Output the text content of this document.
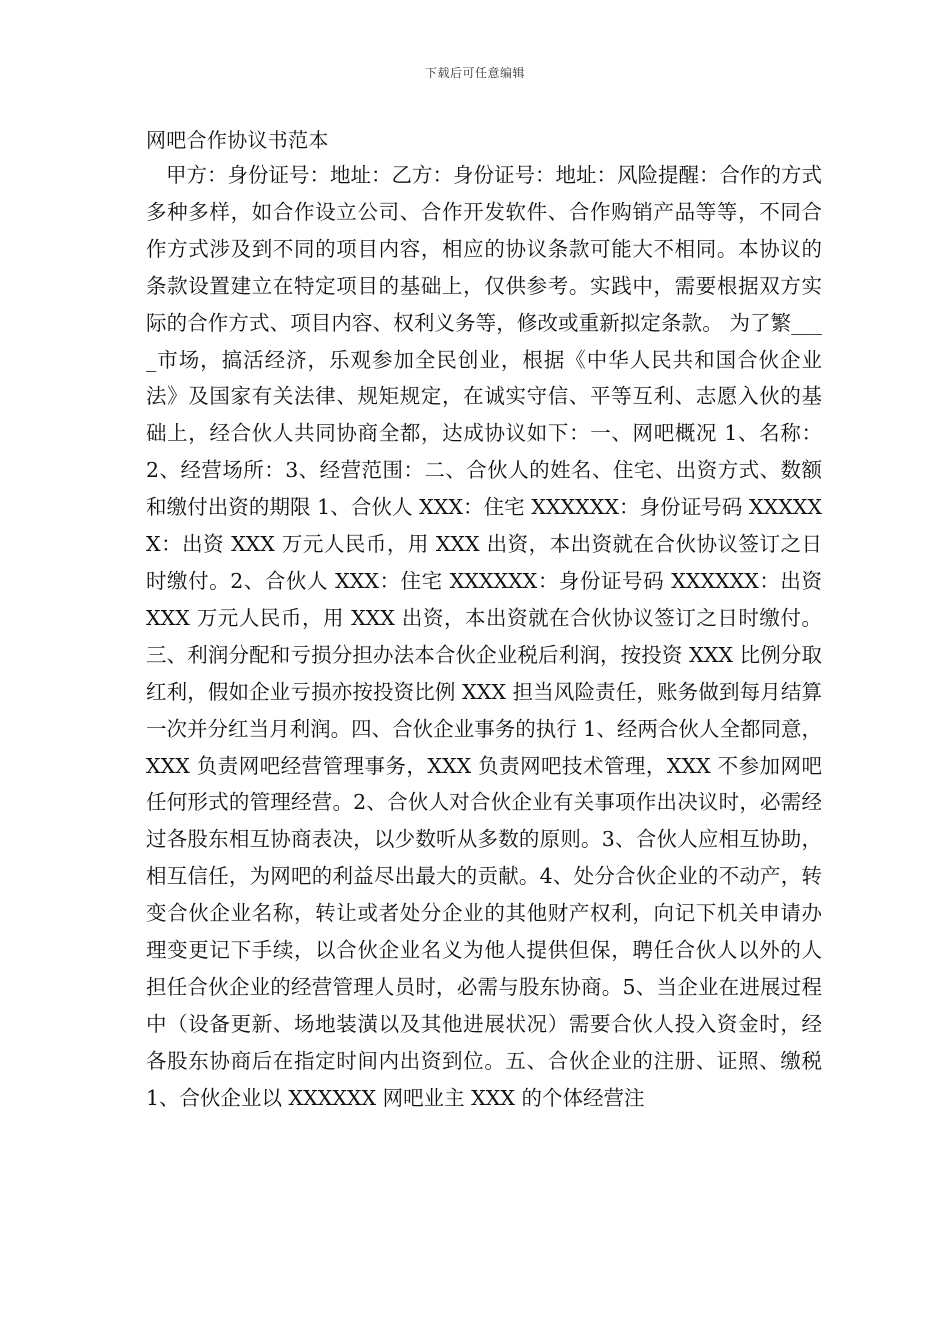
下载后可任意编辑
网吧合作协议书范本

甲方：身份证号：地址：乙方：身份证号：地址：风险提醒：合作的方式多种多样，如合作设立公司、合作开发软件、合作购销产品等等，不同合作方式涉及到不同的项目内容，相应的协议条款可能大不相同。本协议的条款设置建立在特定项目的基础上，仅供参考。实践中，需要根据双方实际的合作方式、项目内容、权利义务等，修改或重新拟定条款。 为了繁____市场，搞活经济，乐观参加全民创业，根据《中华人民共和国合伙企业法》及国家有关法律、规矩规定，在诚实守信、平等互利、志愿入伙的基础上，经合伙人共同协商全都，达成协议如下：一、网吧概况 1、名称：2、经营场所：3、经营范围：二、合伙人的姓名、住宅、出资方式、数额和缴付出资的期限 1、合伙人 XXX：住宅 XXXXXX：身份证号码 XXXXXX：出资 XXX 万元人民币，用 XXX 出资，本出资就在合伙协议签订之日时缴付。2、合伙人 XXX：住宅 XXXXXX：身份证号码 XXXXXX：出资 XXX 万元人民币，用 XXX 出资，本出资就在合伙协议签订之日时缴付。三、利润分配和亏损分担办法本合伙企业税后利润，按投资 XXX 比例分取红利，假如企业亏损亦按投资比例 XXX 担当风险责任，账务做到每月结算一次并分红当月利润。四、合伙企业事务的执行 1、经两合伙人全都同意，XXX 负责网吧经营管理事务，XXX 负责网吧技术管理，XXX 不参加网吧任何形式的管理经营。2、合伙人对合伙企业有关事项作出决议时，必需经过各股东相互协商表决，以少数听从多数的原则。3、合伙人应相互协助，相互信任，为网吧的利益尽出最大的贡献。4、处分合伙企业的不动产，转变合伙企业名称，转让或者处分企业的其他财产权利，向记下机关申请办理变更记下手续，以合伙企业名义为他人提供但保，聘任合伙人以外的人担任合伙企业的经营管理人员时，必需与股东协商。5、当企业在进展过程中（设备更新、场地装潢以及其他进展状况）需要合伙人投入资金时，经各股东协商后在指定时间内出资到位。五、合伙企业的注册、证照、缴税 1、合伙企业以 XXXXXX 网吧业主 XXX 的个体经营注
